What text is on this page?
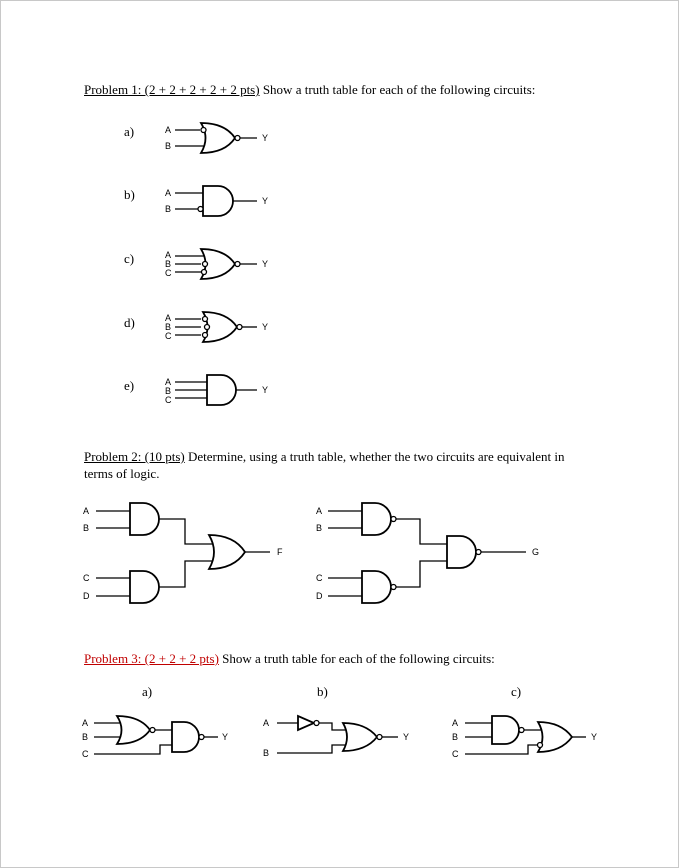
Problem 1: (2 + 2 + 2 + 2 + 2 pts) Show a truth table for each of the following circuits:
a)
b)
c)
d)
e)
Problem 2: (10 pts) Determine, using a truth table, whether the two circuits are equivalent in
terms of logic.
Problem 3: (2 + 2 + 2 pts) Show a truth table for each of the following circuits:
a)	b)	c)
A
B
Y
A
B
Y
A
B
C
Y
A
B
C
Y
A
B
C
Y
A
B
C
D
F
A
B
C
D
G
A
B
C
Y
A
B
Y
A
B
C
Y
